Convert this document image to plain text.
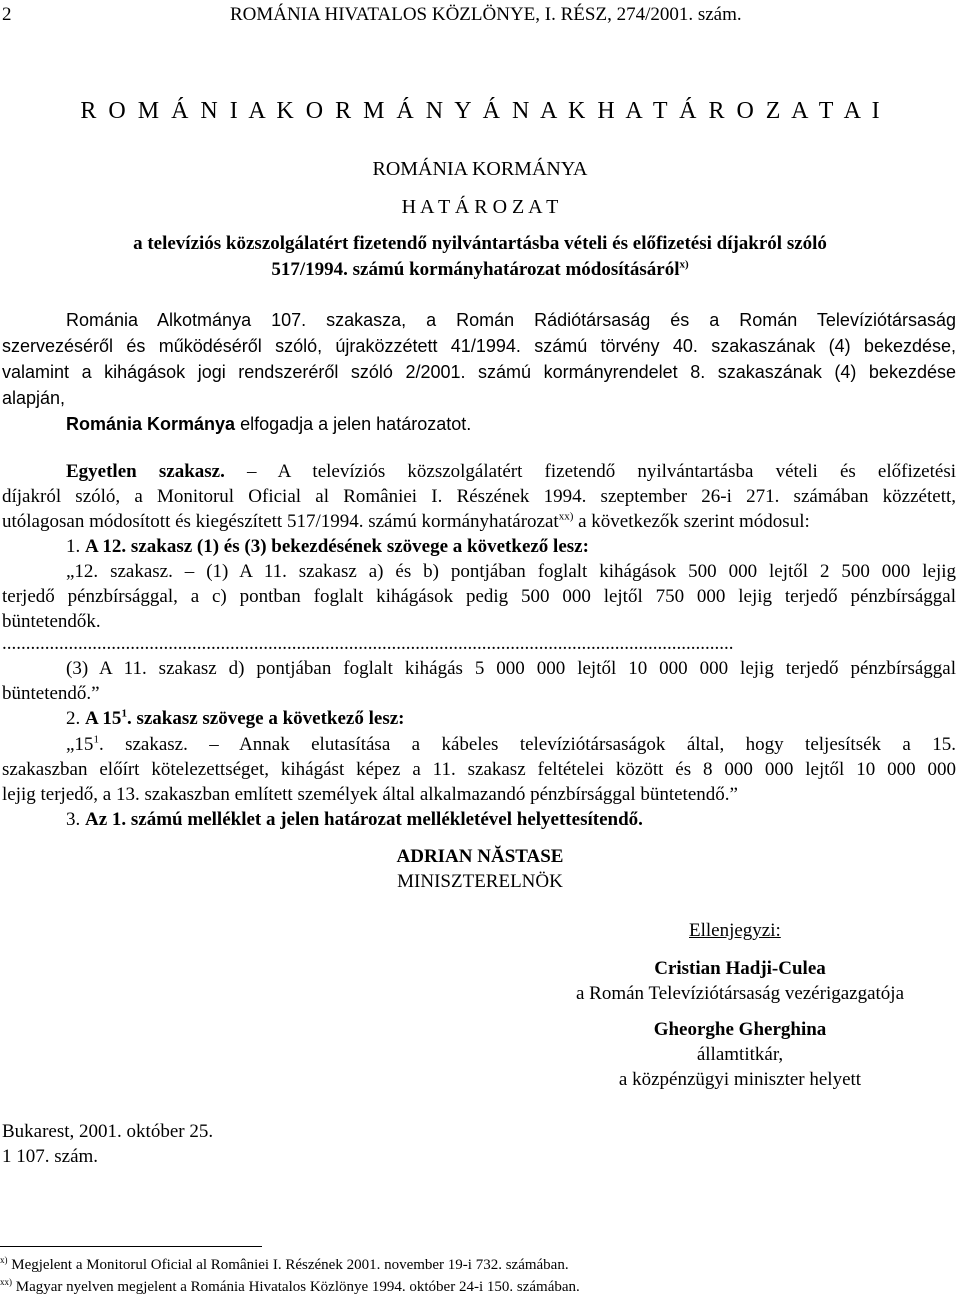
2	ROMÁNIA HIVATALOS KÖZLÖNYE, I. RÉSZ, 274/2001. szám.
R O M Á N I A K O R M Á N Y Á N A K H A T Á R O Z A T A I
ROMÁNIA KORMÁNYA
H A T Á R O Z A T
a televíziós közszolgálatért fizetendő nyilvántartásba vételi és előfizetési díjakról szóló
517/1994. számú kormányhatározat módosításáról$^{x)}$
Románia Alkotmánya 107. szakasza, a Román Rádiótársaság és a Román Televíziótársaság
szervezéséről és működéséről szóló, újraközzétett 41/1994. számú törvény 40. szakaszának (4) bekezdése,
valamint a kihágások jogi rendszeréről szóló 2/2001. számú kormányrendelet 8. szakaszának (4) bekezdése
alapján,
Románia Kormánya elfogadja a jelen határozatot.
Egyetlen szakasz. – A televíziós közszolgálatért fizetendő nyilvántartásba vételi és előfizetési
díjakról szóló, a Monitorul Oficial al României I. Részének 1994. szeptember 26-i 271. számában közzétett,
utólagosan módosított és kiegészített 517/1994. számú kormányhatározat$^{xx)}$ a következők szerint módosul:
1. A 12. szakasz (1) és (3) bekezdésének szövege a következő lesz:
„12. szakasz. – (1) A 11. szakasz a) és b) pontjában foglalt kihágások 500 000 lejtől 2 500 000 lejig
terjedő pénzbírsággal, a c) pontban foglalt kihágások pedig 500 000 lejtől 750 000 lejig terjedő pénzbírsággal
büntetendők.
..........................................................................................................................................................
(3) A 11. szakasz d) pontjában foglalt kihágás 5 000 000 lejtől 10 000 000 lejig terjedő pénzbírsággal
büntetendő.”
2. A $15^1$. szakasz szövege a következő lesz:
$„15^1$. szakasz. – Annak elutasítása a kábeles televíziótársaságok által, hogy teljesítsék a 15.
szakaszban előírt kötelezettséget, kihágást képez a 11. szakasz feltételei között és 8 000 000 lejtől 10 000 000
lejig terjedő, a 13. szakaszban említett személyek által alkalmazandó pénzbírsággal büntetendő.”
3. Az 1. számú melléklet a jelen határozat mellékletével helyettesítendő.
ADRIAN NĂSTASE
MINISZTERELNÖK
Ellenjegyzi:
Cristian Hadji-Culea
a Román Televíziótársaság vezérigazgatója
Gheorghe Gherghina
államtitkár,
a közpénzügyi miniszter helyett
Bukarest, 2001. október 25.
1 107. szám.
$^{x)}$ Megjelent a Monitorul Oficial al României I. Részének 2001. november 19-i 732. számában.
$^{xx)}$ Magyar nyelven megjelent a Románia Hivatalos Közlönye 1994. október 24-i 150. számában.
